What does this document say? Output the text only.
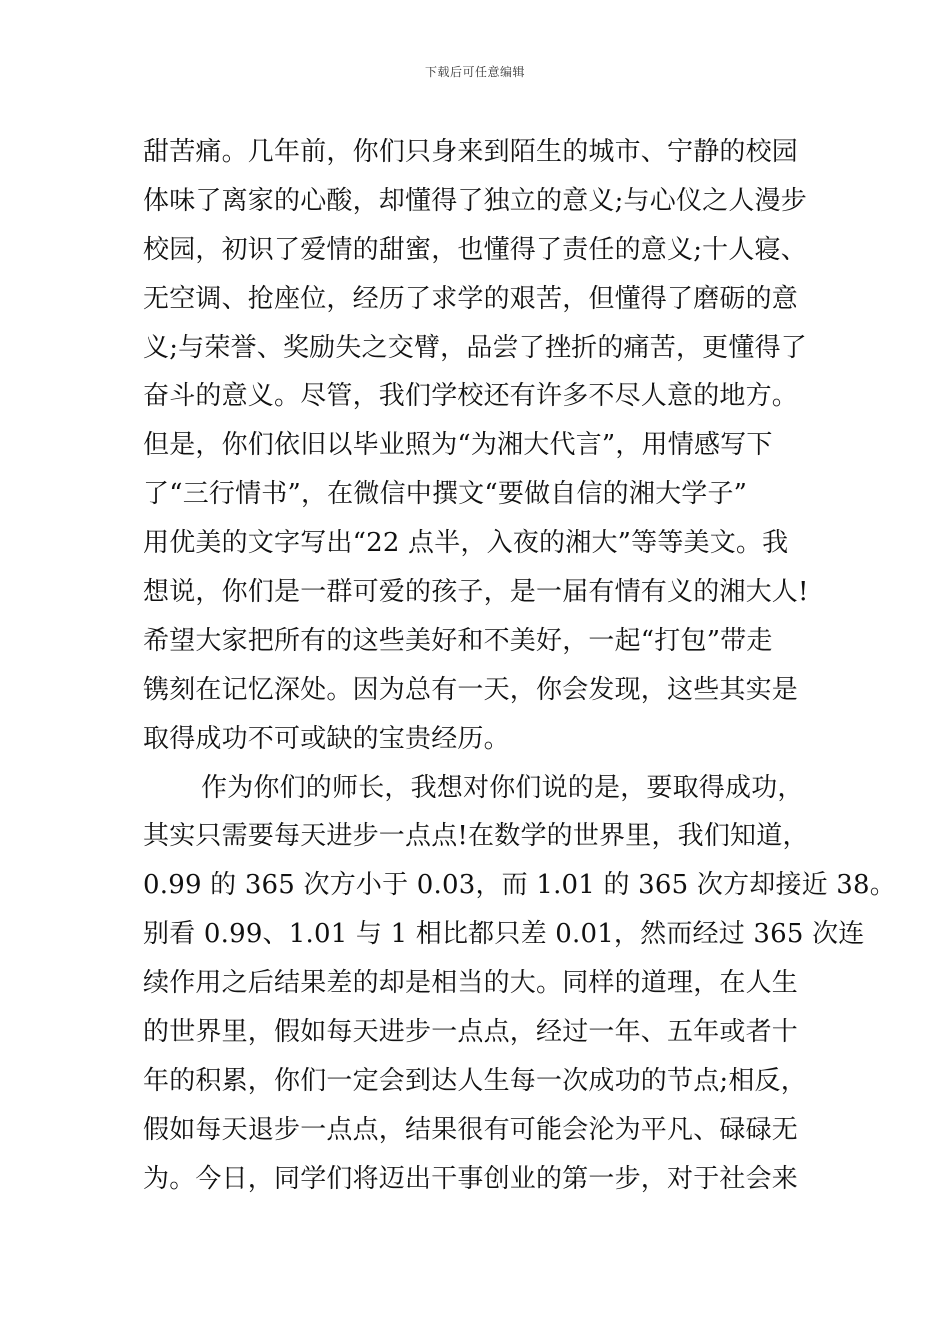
下载后可任意编辑
甜苦痛。几年前，你们只身来到陌生的城市、宁静的校园
体味了离家的心酸，却懂得了独立的意义;与心仪之人漫步
校园，初识了爱情的甜蜜，也懂得了责任的意义;十人寝、
无空调、抢座位，经历了求学的艰苦，但懂得了磨砺的意
义;与荣誉、奖励失之交臂，品尝了挫折的痛苦，更懂得了
奋斗的意义。尽管，我们学校还有许多不尽人意的地方。
但是，你们依旧以毕业照为“为湘大代言”，用情感写下
了“三行情书”，在微信中撰文“要做自信的湘大学子”
用优美的文字写出“22 点半，入夜的湘大”等等美文。我
想说，你们是一群可爱的孩子，是一届有情有义的湘大人!
希望大家把所有的这些美好和不美好，一起“打包”带走
镌刻在记忆深处。因为总有一天，你会发现，这些其实是
取得成功不可或缺的宝贵经历。
作为你们的师长，我想对你们说的是，要取得成功，
其实只需要每天进步一点点!在数学的世界里，我们知道，
0.99 的 365 次方小于 0.03，而 1.01 的 365 次方却接近 38。
别看 0.99、1.01 与 1 相比都只差 0.01，然而经过 365 次连
续作用之后结果差的却是相当的大。同样的道理，在人生
的世界里，假如每天进步一点点，经过一年、五年或者十
年的积累，你们一定会到达人生每一次成功的节点;相反，
假如每天退步一点点，结果很有可能会沦为平凡、碌碌无
为。今日，同学们将迈出干事创业的第一步，对于社会来
